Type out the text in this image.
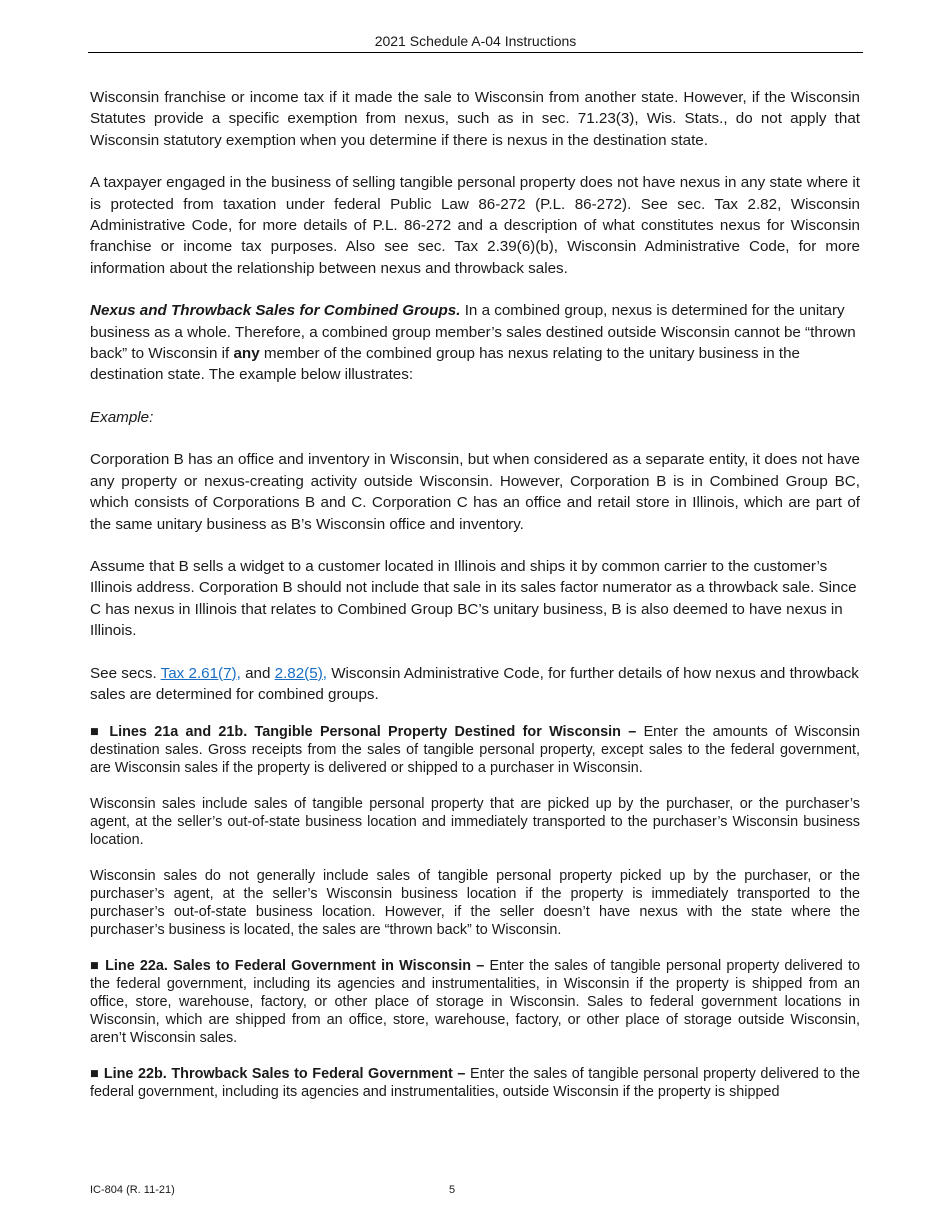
2021 Schedule A-04 Instructions

Wisconsin franchise or income tax if it made the sale to Wisconsin from another state. However, if the Wisconsin Statutes provide a specific exemption from nexus, such as in sec. 71.23(3), Wis. Stats., do not apply that Wisconsin statutory exemption when you determine if there is nexus in the destination state.

A taxpayer engaged in the business of selling tangible personal property does not have nexus in any state where it is protected from taxation under federal Public Law 86-272 (P.L. 86-272). See sec. Tax 2.82, Wisconsin Administrative Code, for more details of P.L. 86-272 and a description of what constitutes nexus for Wisconsin franchise or income tax purposes. Also see sec. Tax 2.39(6)(b), Wisconsin Administrative Code, for more information about the relationship between nexus and throwback sales.

Nexus and Throwback Sales for Combined Groups. In a combined group, nexus is determined for the unitary business as a whole. Therefore, a combined group member’s sales destined outside Wisconsin cannot be “thrown back” to Wisconsin if any member of the combined group has nexus relating to the unitary business in the destination state. The example below illustrates:

Example:

Corporation B has an office and inventory in Wisconsin, but when considered as a separate entity, it does not have any property or nexus-creating activity outside Wisconsin. However, Corporation B is in Combined Group BC, which consists of Corporations B and C. Corporation C has an office and retail store in Illinois, which are part of the same unitary business as B’s Wisconsin office and inventory.

Assume that B sells a widget to a customer located in Illinois and ships it by common carrier to the customer’s Illinois address. Corporation B should not include that sale in its sales factor numerator as a throwback sale. Since C has nexus in Illinois that relates to Combined Group BC’s unitary business, B is also deemed to have nexus in Illinois.

See secs. Tax 2.61(7), and 2.82(5), Wisconsin Administrative Code, for further details of how nexus and throwback sales are determined for combined groups.

■ Lines 21a and 21b. Tangible Personal Property Destined for Wisconsin – Enter the amounts of Wisconsin destination sales. Gross receipts from the sales of tangible personal property, except sales to the federal government, are Wisconsin sales if the property is delivered or shipped to a purchaser in Wisconsin.

Wisconsin sales include sales of tangible personal property that are picked up by the purchaser, or the purchaser’s agent, at the seller’s out-of-state business location and immediately transported to the purchaser’s Wisconsin business location.

Wisconsin sales do not generally include sales of tangible personal property picked up by the purchaser, or the purchaser’s agent, at the seller’s Wisconsin business location if the property is immediately transported to the purchaser’s out-of-state business location. However, if the seller doesn’t have nexus with the state where the purchaser’s business is located, the sales are “thrown back” to Wisconsin.

■ Line 22a. Sales to Federal Government in Wisconsin – Enter the sales of tangible personal property delivered to the federal government, including its agencies and instrumentalities, in Wisconsin if the property is shipped from an office, store, warehouse, factory, or other place of storage in Wisconsin. Sales to federal government locations in Wisconsin, which are shipped from an office, store, warehouse, factory, or other place of storage outside Wisconsin, aren’t Wisconsin sales.

■ Line 22b. Throwback Sales to Federal Government – Enter the sales of tangible personal property delivered to the federal government, including its agencies and instrumentalities, outside Wisconsin if the property is shipped

IC-804 (R. 11-21)	5
